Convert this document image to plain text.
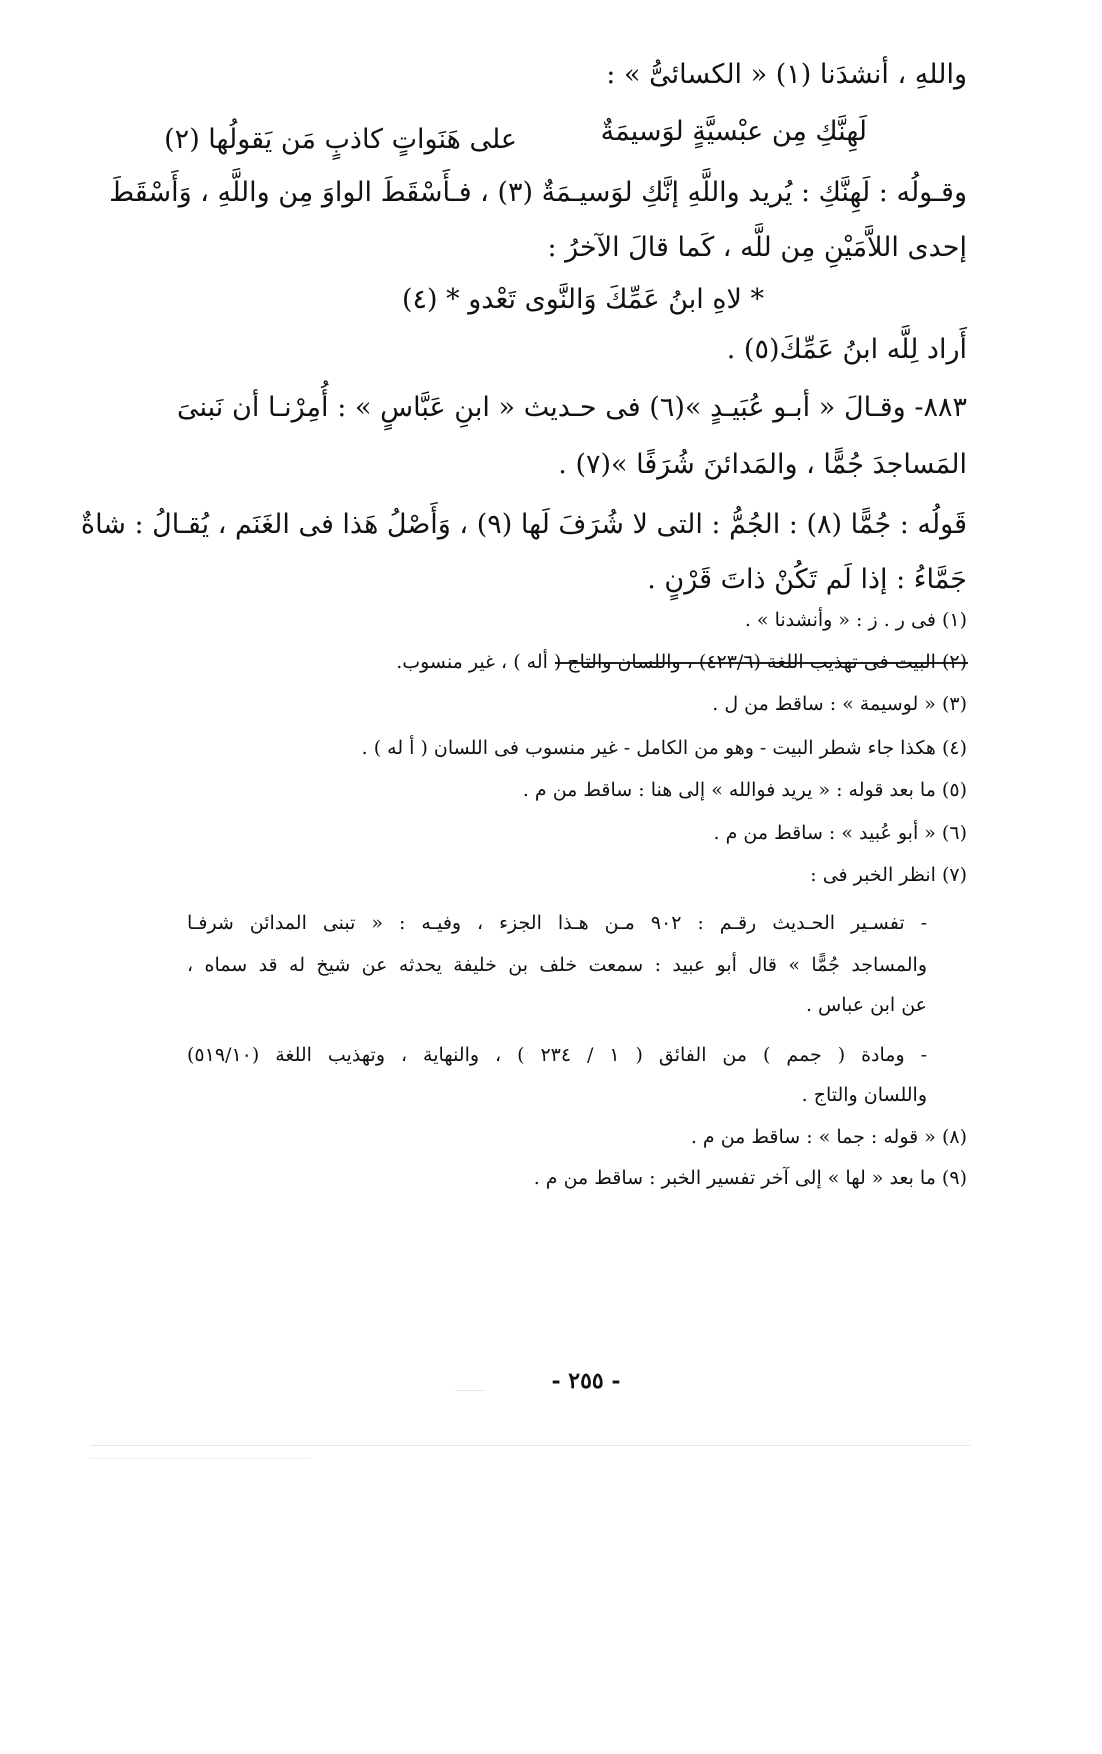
واللهِ ، أنشدَنا (١) « الكسائىُّ » :
لَهِنَّكِ مِن عبْسيَّةٍ لوَسيمَةٌ
على هَنَواتٍ كاذبٍ مَن يَقولُها (٢)
وقـولُه : لَهِنَّكِ : يُريد واللَّهِ إنَّكِ لوَسيـمَةٌ (٣) ، فـأَسْقَطَ الواوَ مِن واللَّهِ ، وَأَسْقَطَ
إحدى اللاَّمَيْنِ مِن للَّه ، كَما قالَ الآخرُ :
* لاهِ ابنُ عَمِّكَ وَالنَّوى تَعْدو * (٤)
أَراد لِلَّه ابنُ عَمِّكَ(٥) .
٨٨٣- وقـالَ « أبـو عُبَيـدٍ »(٦) فى حـديث « ابنِ عَبَّاسٍ » : أُمِرْنـا أن نَبنىَ
المَساجدَ جُمًّا ، والمَدائنَ شُرَفًا »(٧) .
قَولُه : جُمًّا (٨) : الجُمُّ : التى لا شُرَفَ لَها (٩) ، وَأَصْلُ هَذا فى الغَنَم ، يُقـالُ : شاةٌ
جَمَّاءُ : إذا لَم تَكُنْ ذاتَ قَرْنٍ .
(١) فى ر . ز : « وأنشدنا » .
(٢) البيت فى تهذيب اللغة (٤٢٣/٦) ، واللسان والتاج ( أله ) ، غير منسوب.
(٣) « لوسيمة » : ساقط من ل .
(٤) هكذا جاء شطر البيت - وهو من الكامل - غير منسوب فى اللسان ( أ له ) .
(٥) ما بعد قوله : « يريد فوالله » إلى هنا : ساقط من م .
(٦) « أبو عُبيد » : ساقط من م .
(٧) انظر الخبر فى :
- تفسـير الحـديث رقـم : ٩٠٢ مـن هـذا الجزء ، وفيـه : « تبنى المدائن شرفـا
والمساجد جُمًّا » قال أبو عبيد : سمعت خلف بن خليفة يحدثه عن شيخ له قد سماه ،
عن ابن عباس .
- ومادة ( جمم ) من الفائق ( ١ / ٢٣٤ ) ، والنهاية ، وتهذيب اللغة (٥١٩/١٠)
واللسان والتاج .
(٨) « قوله : جما » : ساقط من م .
(٩) ما بعد « لها » إلى آخر تفسير الخبر : ساقط من م .
- ٢٥٥ -
